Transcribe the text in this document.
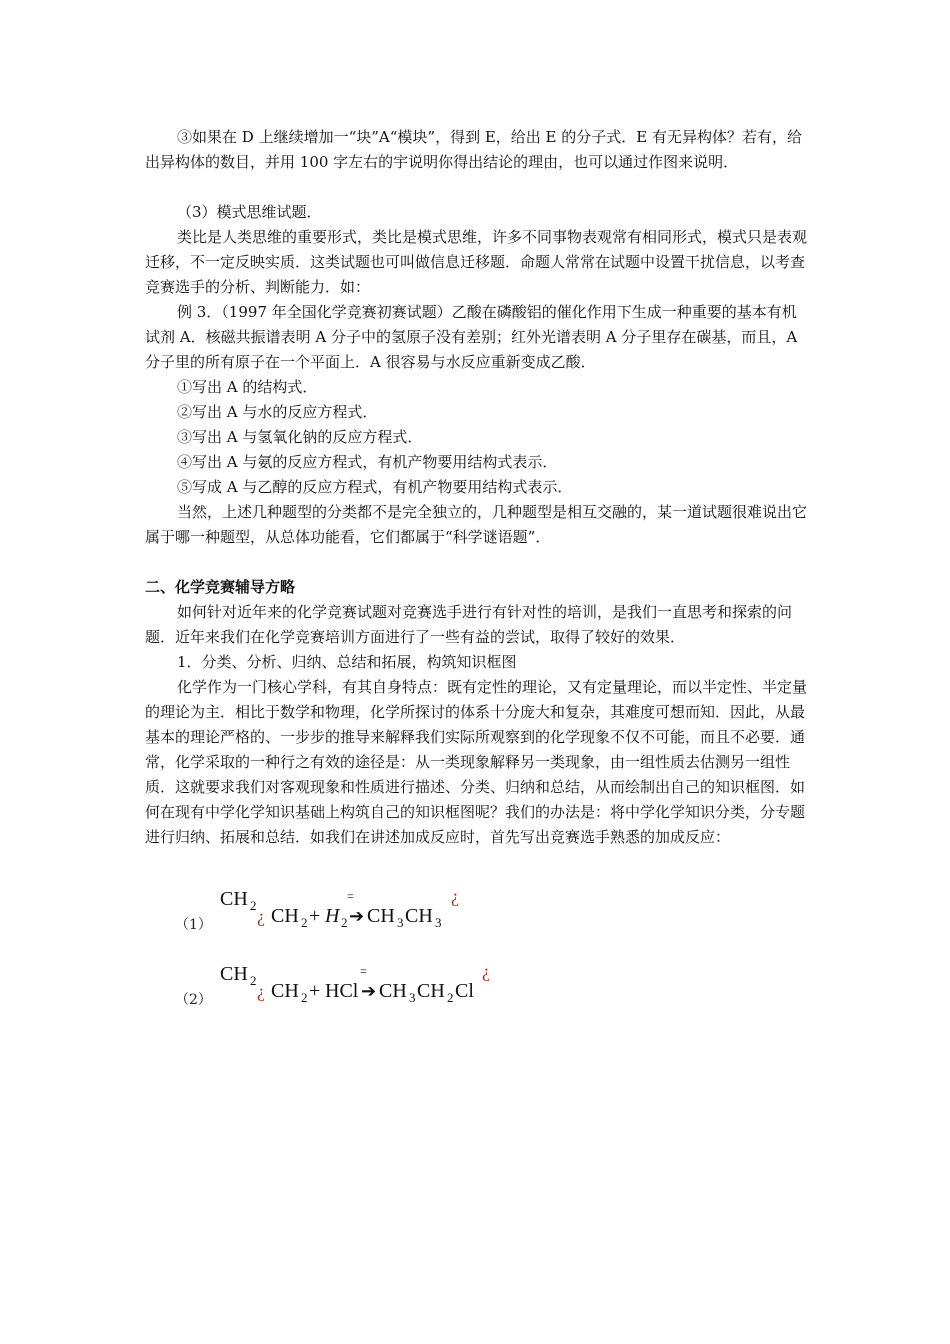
③如果在 D 上继续增加一“块”A“模块”，得到 E，给出 E 的分子式．E 有无异构体？若有，给出异构体的数目，并用 100 字左右的宇说明你得出结论的理由，也可以通过作图来说明．

（3）模式思维试题．

类比是人类思维的重要形式，类比是模式思维，许多不同事物表观常有相同形式，模式只是表观迁移，不一定反映实质．这类试题也可叫做信息迁移题．命题人常常在试题中设置干扰信息，以考查竞赛选手的分析、判断能力．如：

例 3．（1997 年全国化学竞赛初赛试题）乙酸在磷酸铝的催化作用下生成一种重要的基本有机试剂 A．核磁共振谱表明 A 分子中的氢原子没有差别；红外光谱表明 A 分子里存在碳基，而且，A 分子里的所有原子在一个平面上．A 很容易与水反应重新变成乙酸．

①写出 A 的结构式．

②写出 A 与水的反应方程式．

③写出 A 与氢氧化钠的反应方程式．

④写出 A 与氨的反应方程式，有机产物要用结构式表示．

⑤写成 A 与乙醇的反应方程式，有机产物要用结构式表示．

当然，上述几种题型的分类都不是完全独立的，几种题型是相互交融的，某一道试题很难说出它属于哪一种题型，从总体功能看，它们都属于“科学谜语题”．

二、化学竞赛辅导方略

如何针对近年来的化学竞赛试题对竞赛选手进行有针对性的培训，是我们一直思考和探索的问题．近年来我们在化学竞赛培训方面进行了一些有益的尝试，取得了较好的效果．

1．分类、分析、归纳、总结和拓展，构筑知识框图

化学作为一门核心学科，有其自身特点：既有定性的理论，又有定量理论，而以半定性、半定量的理论为主．相比于数学和物理，化学所探讨的体系十分庞大和复杂，其难度可想而知．因此，从最基本的理论严格的、一步步的推导来解释我们实际所观察到的化学现象不仅不可能，而且不必要．通常，化学采取的一种行之有效的途径是：从一类现象解释另一类现象，由一组性质去估测另一组性质．这就要求我们对客观现象和性质进行描述、分类、归纳和总结，从而绘制出自己的知识框图．如何在现有中学化学知识基础上构筑自己的知识框图呢？我们的办法是：将中学化学知识分类，分专题进行归纳、拓展和总结．如我们在讲述加成反应时，首先写出竞赛选手熟悉的加成反应：

（1）
CH 2
¿ CH 2 + H 2
=
➔ CH 3 CH 3
¿
（2）
CH 2
¿ CH 2 + HCl
=
➔ CH 3 CH 2 Cl
¿
